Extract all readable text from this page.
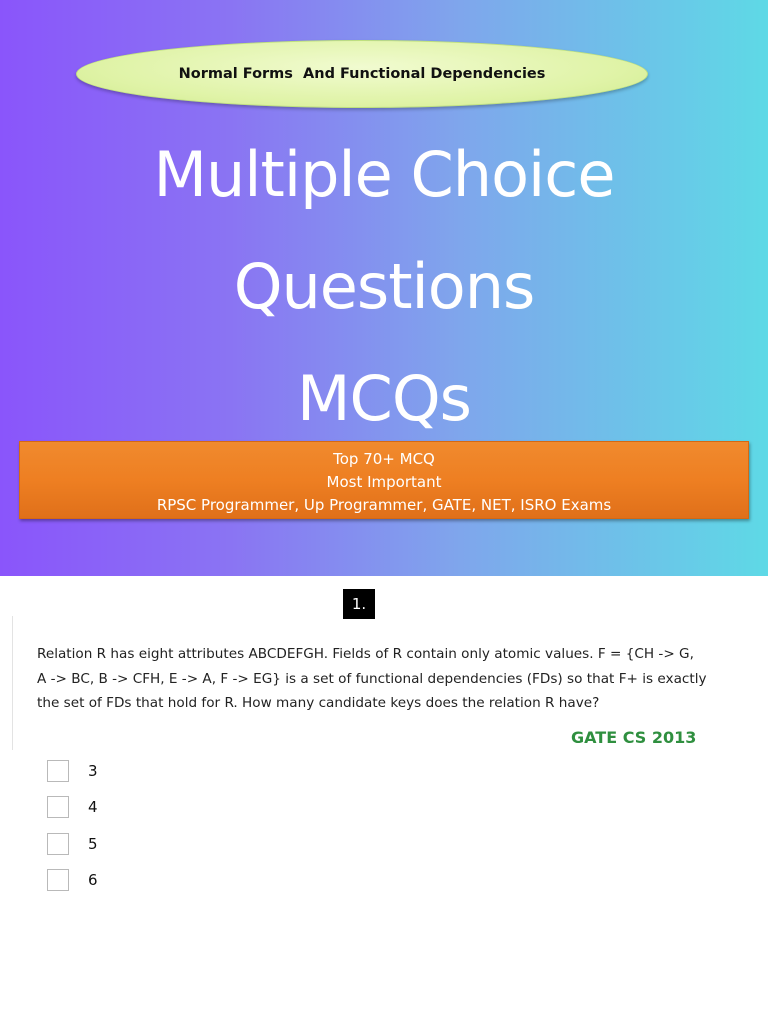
Normal Forms  And Functional Dependencies
Multiple Choice
Questions
MCQs
Top 70+ MCQ
Most Important
RPSC Programmer, Up Programmer, GATE, NET, ISRO Exams
1.
Relation R has eight attributes ABCDEFGH. Fields of R contain only atomic values. F = {CH -> G,
A -> BC, B -> CFH, E -> A, F -> EG} is a set of functional dependencies (FDs) so that F+ is exactly
the set of FDs that hold for R. How many candidate keys does the relation R have?
GATE CS 2013
3
4
5
6
